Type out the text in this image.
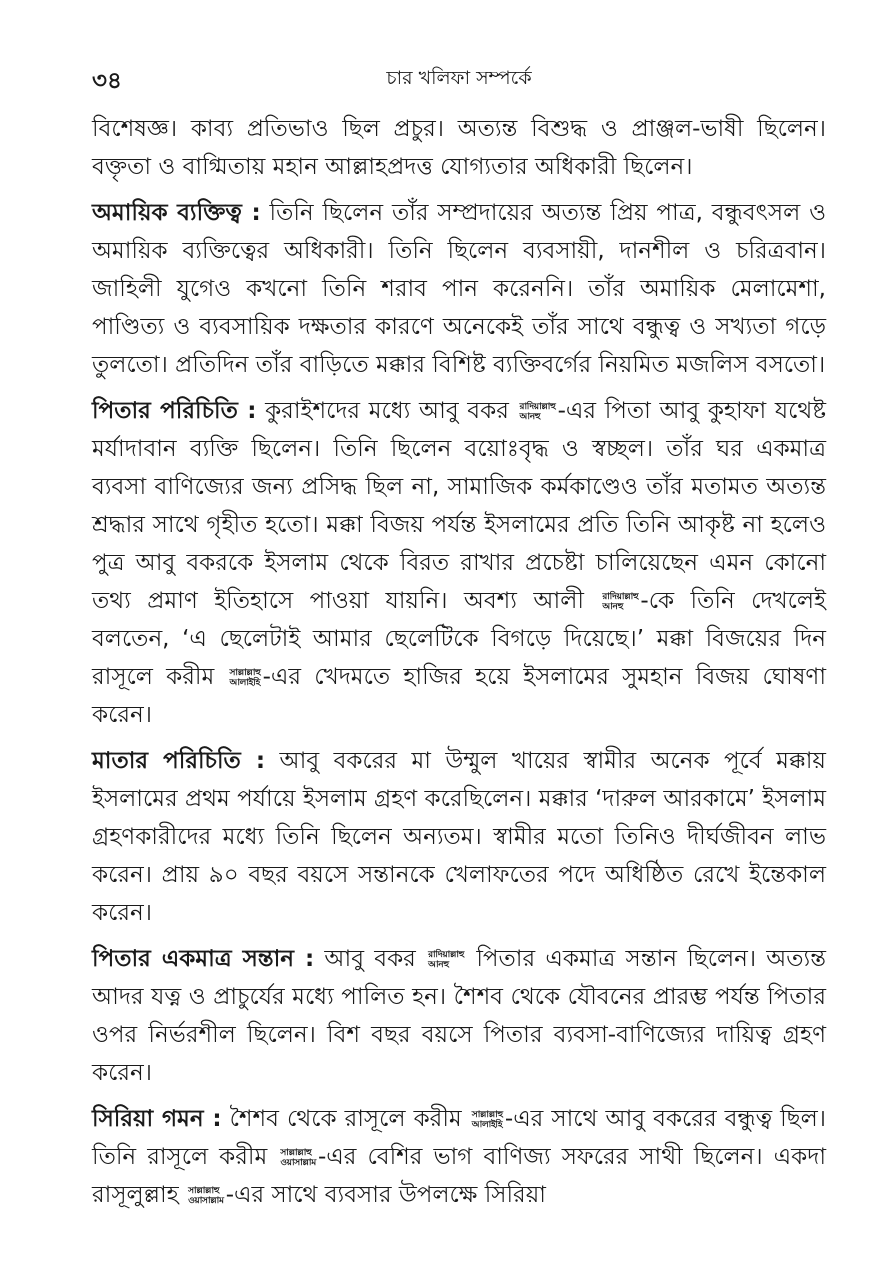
৩৪	চার খলিফা সম্পর্কে

বিশেষজ্ঞ। কাব্য প্রতিভাও ছিল প্রচুর। অত্যন্ত বিশুদ্ধ ও প্রাঞ্জল-ভাষী ছিলেন। বক্তৃতা ও বাগ্মিতায় মহান আল্লাহপ্রদত্ত যোগ্যতার অধিকারী ছিলেন।

অমায়িক ব্যক্তিত্ব : তিনি ছিলেন তাঁর সম্প্রদায়ের অত্যন্ত প্রিয় পাত্র, বন্ধুবৎসল ও অমায়িক ব্যক্তিত্বের অধিকারী। তিনি ছিলেন ব্যবসায়ী, দানশীল ও চরিত্রবান। জাহিলী যুগেও কখনো তিনি শরাব পান করেননি। তাঁর অমায়িক মেলামেশা, পাণ্ডিত্য ও ব্যবসায়িক দক্ষতার কারণে অনেকেই তাঁর সাথে বন্ধুত্ব ও সখ্যতা গড়ে তুলতো। প্রতিদিন তাঁর বাড়িতে মক্কার বিশিষ্ট ব্যক্তিবর্গের নিয়মিত মজলিস বসতো।

পিতার পরিচিতি : কুরাইশদের মধ্যে আবু বকর রাদিয়াল্লাহু
আনহু -এর পিতা আবু কুহাফা যথেষ্ট মর্যাদাবান ব্যক্তি ছিলেন। তিনি ছিলেন বয়োঃবৃদ্ধ ও স্বচ্ছল। তাঁর ঘর একমাত্র ব্যবসা বাণিজ্যের জন্য প্রসিদ্ধ ছিল না, সামাজিক কর্মকাণ্ডেও তাঁর মতামত অত্যন্ত শ্রদ্ধার সাথে গৃহীত হতো। মক্কা বিজয় পর্যন্ত ইসলামের প্রতি তিনি আকৃষ্ট না হলেও পুত্র আবু বকরকে ইসলাম থেকে বিরত রাখার প্রচেষ্টা চালিয়েছেন এমন কোনো তথ্য প্রমাণ ইতিহাসে পাওয়া যায়নি। অবশ্য আলী রাদিয়াল্লাহু
আনহু -কে তিনি দেখলেই বলতেন, ‘এ ছেলেটাই আমার ছেলেটিকে বিগড়ে দিয়েছে।’ মক্কা বিজয়ের দিন রাসূলে করীম সাল্লাল্লাহু
আলাইহি -এর খেদমতে হাজির হয়ে ইসলামের সুমহান বিজয় ঘোষণা করেন।

মাতার পরিচিতি : আবু বকরের মা উম্মুল খায়ের স্বামীর অনেক পূর্বে মক্কায় ইসলামের প্রথম পর্যায়ে ইসলাম গ্রহণ করেছিলেন। মক্কার ‘দারুল আরকামে’ ইসলাম গ্রহণকারীদের মধ্যে তিনি ছিলেন অন্যতম। স্বামীর মতো তিনিও দীর্ঘজীবন লাভ করেন। প্রায় ৯০ বছর বয়সে সন্তানকে খেলাফতের পদে অধিষ্ঠিত রেখে ইন্তেকাল করেন।

পিতার একমাত্র সন্তান : আবু বকর রাদিয়াল্লাহু
আনহু পিতার একমাত্র সন্তান ছিলেন। অত্যন্ত আদর যত্ন ও প্রাচুর্যের মধ্যে পালিত হন। শৈশব থেকে যৌবনের প্রারম্ভ পর্যন্ত পিতার ওপর নির্ভরশীল ছিলেন। বিশ বছর বয়সে পিতার ব্যবসা-বাণিজ্যের দায়িত্ব গ্রহণ করেন।

সিরিয়া গমন : শৈশব থেকে রাসূলে করীম সাল্লাল্লাহু
আলাইহি -এর সাথে আবু বকরের বন্ধুত্ব ছিল। তিনি রাসূলে করীম সাল্লাল্লাহু
ওয়াসাল্লাম -এর বেশির ভাগ বাণিজ্য সফরের সাথী ছিলেন। একদা রাসূলুল্লাহ সাল্লাল্লাহু
ওয়াসাল্লাম -এর সাথে ব্যবসার উপলক্ষে সিরিয়া
